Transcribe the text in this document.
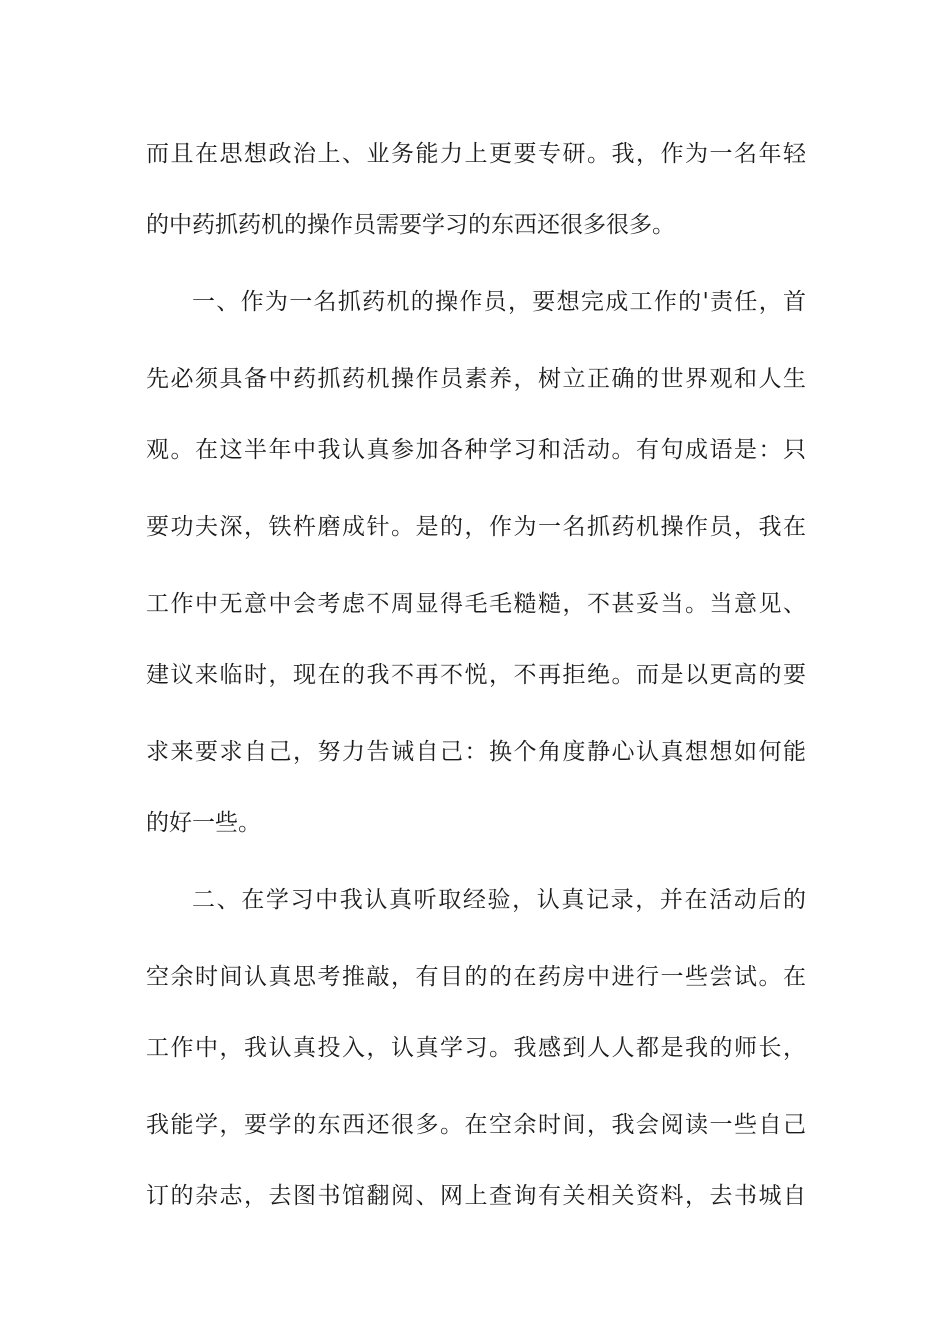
而且在思想政治上、业务能力上更要专研。我，作为一名年轻
的中药抓药机的操作员需要学习的东西还很多很多。
一、作为一名抓药机的操作员，要想完成工作的'责任，首
先必须具备中药抓药机操作员素养，树立正确的世界观和人生
观。在这半年中我认真参加各种学习和活动。有句成语是：只
要功夫深，铁杵磨成针。是的，作为一名抓药机操作员，我在
工作中无意中会考虑不周显得毛毛糙糙，不甚妥当。当意见、
建议来临时，现在的我不再不悦，不再拒绝。而是以更高的要
求来要求自己，努力告诫自己：换个角度静心认真想想如何能
的好一些。
二、在学习中我认真听取经验，认真记录，并在活动后的
空余时间认真思考推敲，有目的的在药房中进行一些尝试。在
工作中，我认真投入，认真学习。我感到人人都是我的师长，
我能学，要学的东西还很多。在空余时间，我会阅读一些自己
订的杂志，去图书馆翻阅、网上查询有关相关资料，去书城自
